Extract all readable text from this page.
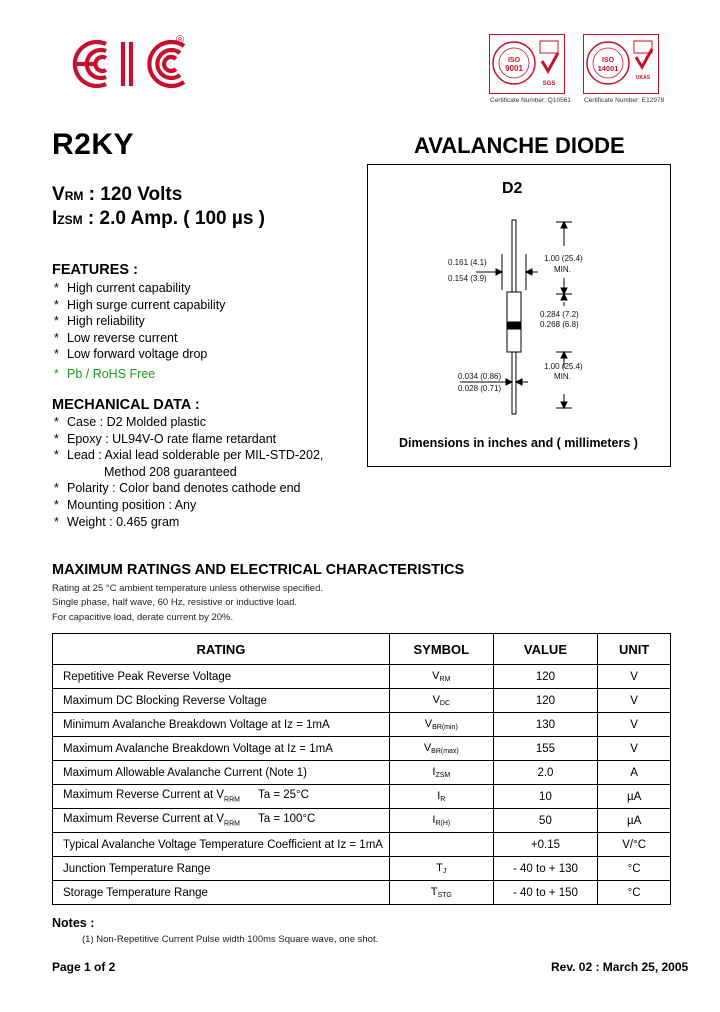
®
ISO
9001
SGS
Certificate Number: Q10561
ISO
14001
UKAS
Certificate Number: E12978
R2KY	AVALANCHE DIODE
VRM : 120 Volts
IZSM : 2.0 Amp. ( 100 µs )
FEATURES :
* High current capability
* High surge current capability
* High reliability
* Low reverse current
* Low forward voltage drop
* Pb / RoHS Free
MECHANICAL DATA :
* Case : D2 Molded plastic
* Epoxy : UL94V-O rate flame retardant
* Lead : Axial lead solderable per MIL-STD-202,
Method 208 guaranteed
* Polarity : Color band denotes cathode end
* Mounting position : Any
* Weight : 0.465 gram
D2
0.161 (4.1)
0.154 (3.9)
1.00 (25.4)
MIN.
0.284 (7.2)
0.268 (6.8)
1.00 (25.4)
MIN.
0.034 (0.86)
0.028 (0.71)
Dimensions in inches and ( millimeters )
MAXIMUM RATINGS AND ELECTRICAL CHARACTERISTICS
Rating at 25 °C ambient temperature unless otherwise specified.
Single phase, half wave, 60 Hz, resistive or inductive load.
For capacitive load, derate current by 20%.
RATING	SYMBOL	VALUE	UNIT
Repetitive Peak Reverse Voltage	$V_{RM}$	120	V
Maximum DC Blocking Reverse Voltage	$V_{DC}$	120	V
Minimum Avalanche Breakdown Voltage at Iz = 1mA	$V_{BR(min)}$	130	V
Maximum Avalanche Breakdown Voltage at Iz = 1mA	$V_{BR(max)}$	155	V
Maximum Allowable Avalanche Current (Note 1)	$I_{ZSM}$	2.0	A
Maximum Reverse Current at $V_{RRM}$ Ta = 25°C	$I_R$	10	µA
Maximum Reverse Current at $V_{RRM}$ Ta = 100°C	$I_{R(H)}$	50	µA
Typical Avalanche Voltage Temperature Coefficient at Iz = 1mA		+0.15	V/°C
Junction Temperature Range	$T_J$	- 40 to + 130	°C
Storage Temperature Range	$T_{STG}$	- 40 to + 150	°C
Notes :
(1) Non-Repetitive Current Pulse width 100ms Square wave, one shot.
Page 1 of 2	Rev. 02 : March 25, 2005
